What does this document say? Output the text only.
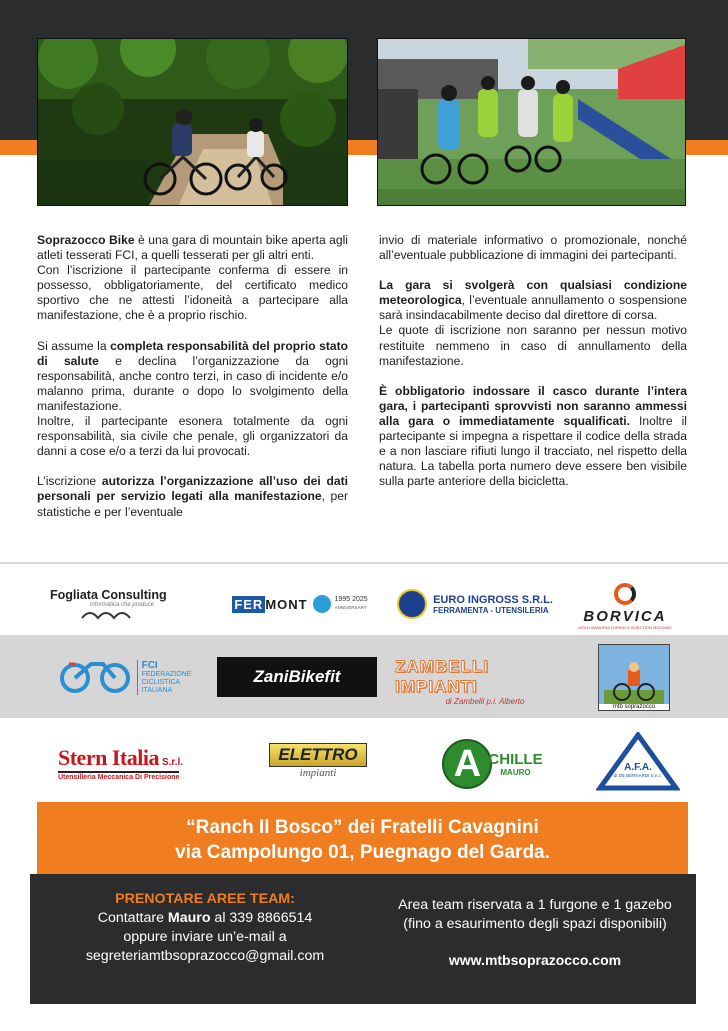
Soprazocco Bike è una gara di mountain bike aperta agli atleti tesserati FCI, a quelli tesserati per gli altri enti.

Con l’iscrizione il partecipante conferma di essere in possesso, obbligatoriamente, del certificato medico sportivo che ne attesti l’idoneità a partecipare alla manifestazione, che è a proprio rischio.

Si assume la completa responsabilità del proprio stato di salute e declina l’organizzazione da ogni responsabilità, anche contro terzi, in caso di incidente e/o malanno prima, durante o dopo lo svolgimento della manifestazione.

Inoltre, il partecipante esonera totalmente da ogni responsabilità, sia civile che penale, gli organizzatori da danni a cose e/o a terzi da lui provocati.

L’iscrizione autorizza l’organizzazione all’uso dei dati personali per servizio legati alla manifestazione, per statistiche e per l’eventuale

invio di materiale informativo o promozionale, nonché all’eventuale pubblicazione di immagini dei partecipanti.

La gara si svolgerà con qualsiasi condizione meteorologica, l’eventuale annullamento o sospensione sarà insindacabilmente deciso dal direttore di corsa.

Le quote di iscrizione non saranno per nessun motivo restituite nemmeno in caso di annullamento della manifestazione.

È obbligatorio indossare il casco durante l’intera gara, i partecipanti sprovvisti non saranno ammessi alla gara o immediatamente squalificati. Inoltre il partecipante si impegna a rispettare il codice della strada e a non lasciare rifiuti lungo il tracciato, nel rispetto della natura. La tabella porta numero deve essere ben visibile sulla parte anteriore della bicicletta.

Fogliata Consulting
informatica che produce	FER MONT	1995 2025
ANNIVERSARY
EURO INGROSS S.R.L.
FERRAMENTA - UTENSILERIA BORVICA
MOLD MANUFACTURING & INJECTION MOLDING
FCI
FEDERAZIONE
CICLISTICA
ITALIANA
ZaniBikefit
ZAMBELLI IMPIANTI
di Zambelli p.i. Alberto
mtb soprazocco
Stern Italia S.r.l.
Utensilleria Meccanica Di Precisione
ELETTRO
impianti	A CHILLE
MAURO	A.F.A.
di DE BERNARDI S.n.c.
“Ranch Il Bosco” dei Fratelli Cavagnini
via Campolungo 01, Puegnago del Garda.
PRENOTARE AREE TEAM:
Contattare Mauro al 339 8866514
oppure inviare un’e-mail a
segreteriamtbsoprazocco@gmail.com
Area team riservata a 1 furgone e 1 gazebo
(fino a esaurimento degli spazi disponibili)
www.mtbsoprazocco.com
